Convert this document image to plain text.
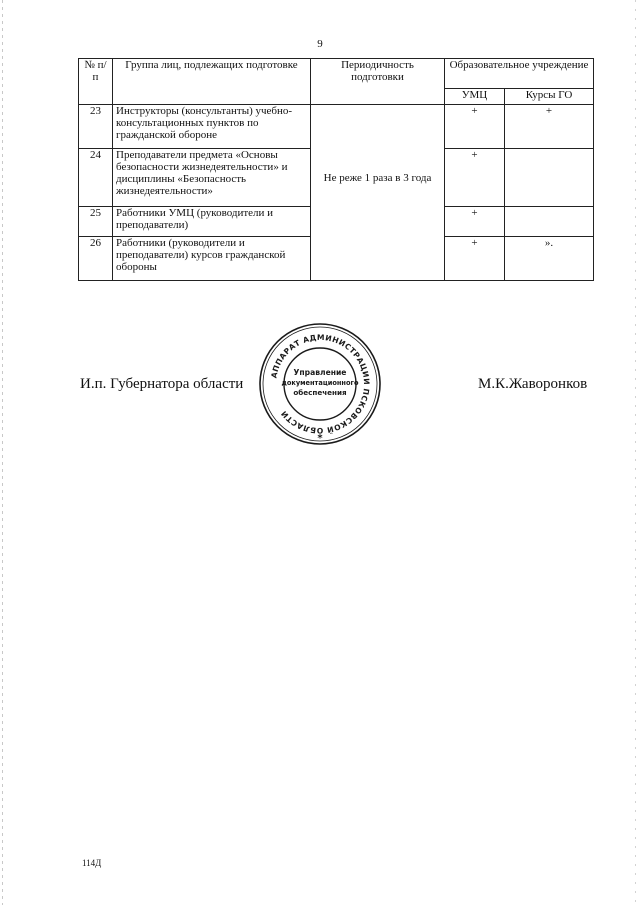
9
№ п/п	Группа лиц, подлежащих подготовке	Периодичность подготовки	Образовательное учреждение	
			УМЦ	Курсы ГО
23	Инструкторы (консультанты) учебно-консультационных пунктов по гражданской обороне	Не реже 1 раза в 3 года	+	+
24	Преподаватели предмета «Основы безопасности жизнедеятельности» и дисциплины «Безопасность жизнедеятельности»		+	
25	Работники УМЦ (руководители и преподаватели)		+	
26	Работники (руководители и преподаватели) курсов гражданской обороны		+	».
И.п. Губернатора области	М.К.Жаворонков
АППАРАТ АДМИНИСТРАЦИИ ПСКОВСКОЙ ОБЛАСТИ
Управление
документационного
обеспечения
*
114Д
